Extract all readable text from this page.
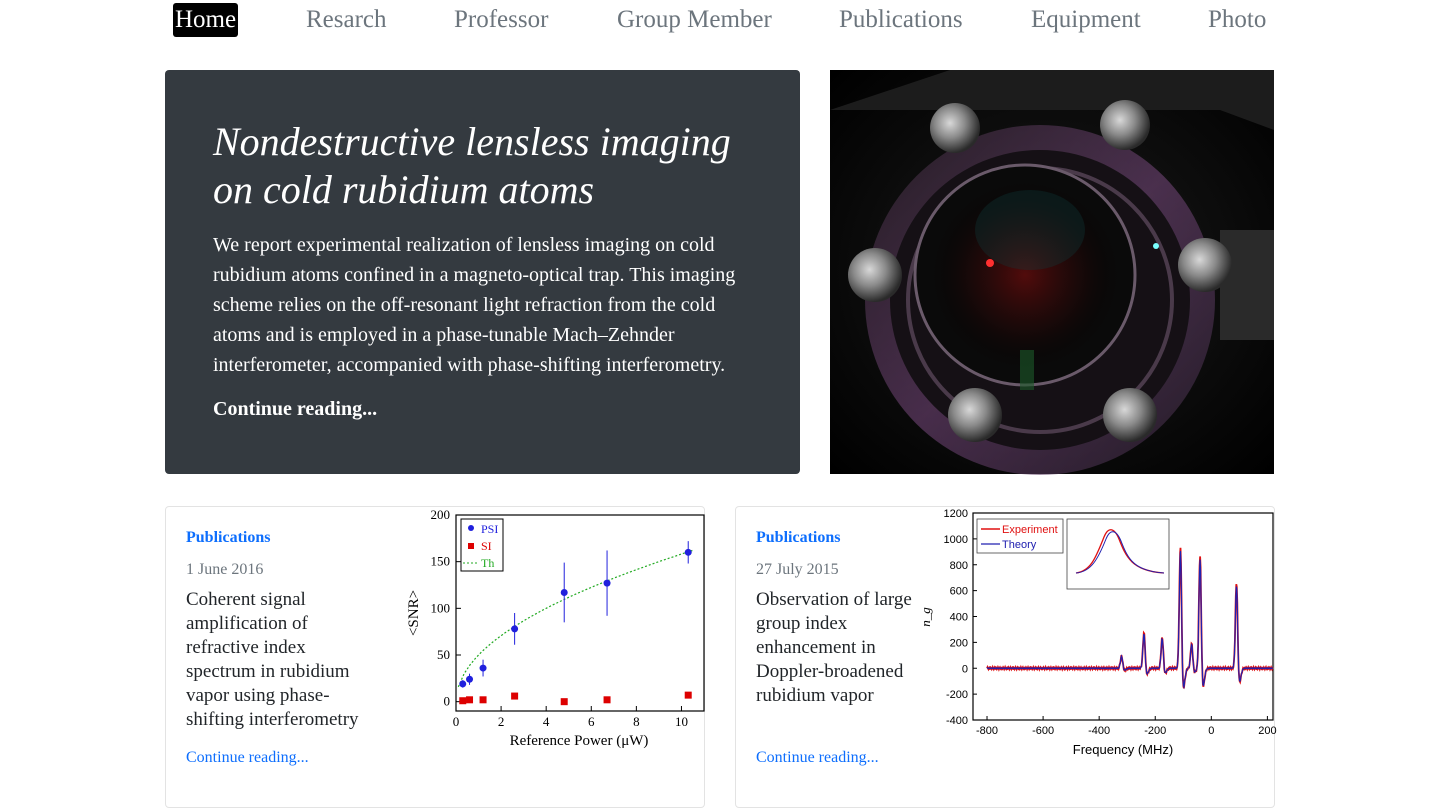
Home	Resarch	Professor	Group Member	Publications	Equipment	Photo
Nondestructive lensless imaging on cold rubidium atoms

We report experimental realization of lensless imaging on cold rubidium atoms confined in a magneto-optical trap. This imaging scheme relies on the off-resonant light refraction from the cold atoms and is employed in a phase-tunable Mach–Zehnder interferometer, accompanied with phase-shifting interferometry.

Continue reading...
Publications
1 June 2016
Coherent signal amplification of refractive index spectrum in rubidium vapor using phase-shifting interferometry
Continue reading...
0	2	4	6	8	10
0
50
100
150
200
PSI
SI
Th
Reference Power (μW)
<SNR>
Publications
27 July 2015
Observation of large group index enhancement in Doppler-broadened rubidium vapor
Continue reading...
1200
1000
800
600
400
200
0
-200
-400
-800	-600	-400	-200	0	200
Experiment
Theory
Frequency (MHz)
n_g
